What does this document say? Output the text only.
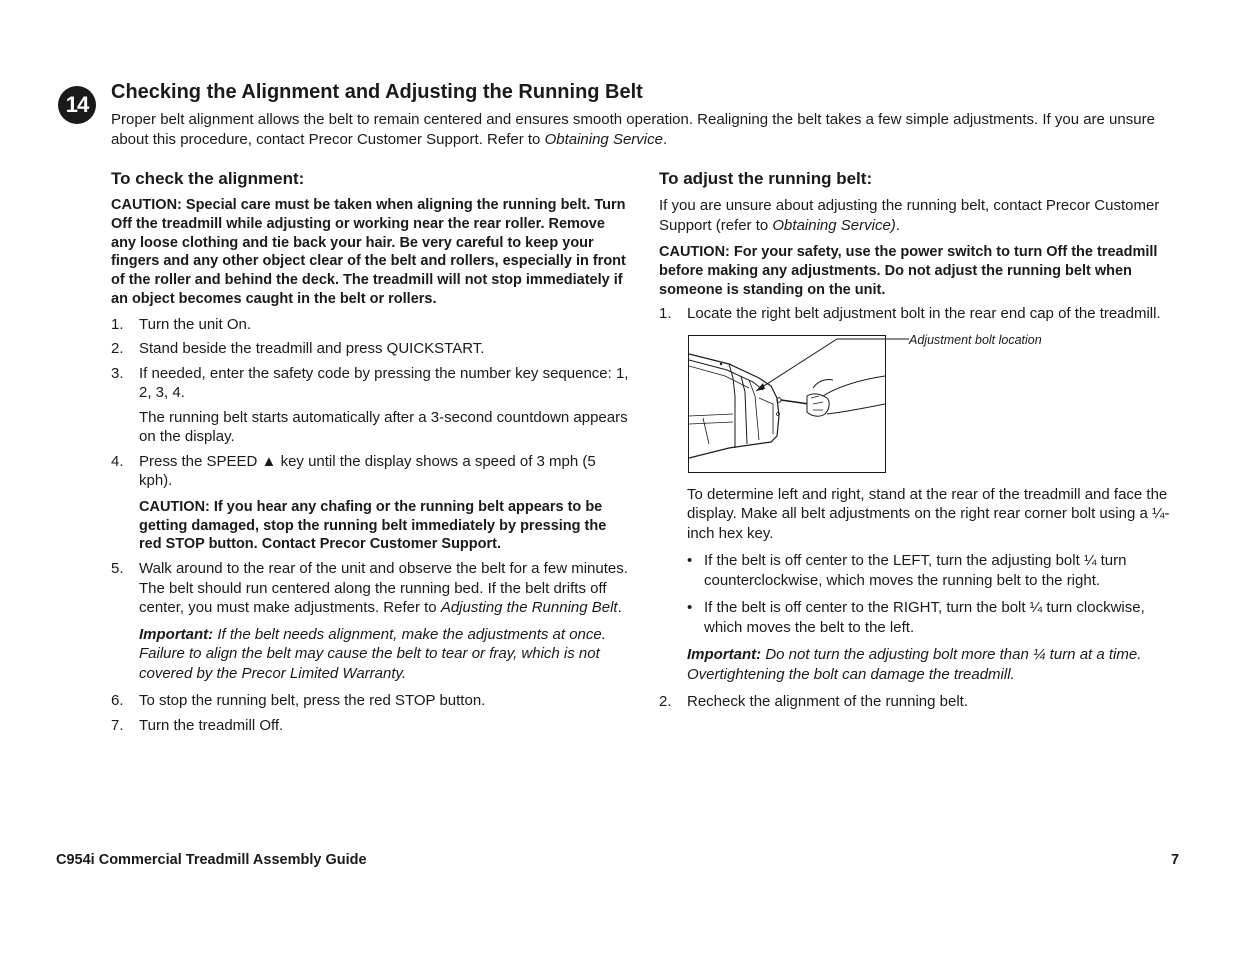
14	Checking the Alignment and Adjusting the Running Belt

Proper belt alignment allows the belt to remain centered and ensures smooth operation. Realigning the belt takes a few simple adjustments. If you are unsure about this procedure, contact Precor Customer Support. Refer to Obtaining Service.

To check the alignment:

CAUTION: Special care must be taken when aligning the running belt. Turn Off the treadmill while adjusting or working near the rear roller. Remove any loose clothing and tie back your hair. Be very careful to keep your fingers and any other object clear of the belt and rollers, especially in front of the roller and behind the deck. The treadmill will not stop immediately if an object becomes caught in the belt or rollers.

1. Turn the unit On.

2. Stand beside the treadmill and press QUICKSTART.

3. If needed, enter the safety code by pressing the number key sequence: 1, 2, 3, 4.

The running belt starts automatically after a 3-second countdown appears on the display.

4. Press the SPEED ▲ key until the display shows a speed of 3 mph (5 kph).

CAUTION: If you hear any chafing or the running belt appears to be getting damaged, stop the running belt immediately by pressing the red STOP button. Contact Precor Customer Support.

5. Walk around to the rear of the unit and observe the belt for a few minutes. The belt should run centered along the running bed. If the belt drifts off center, you must make adjustments. Refer to Adjusting the Running Belt.

Important: If the belt needs alignment, make the adjustments at once. Failure to align the belt may cause the belt to tear or fray, which is not covered by the Precor Limited Warranty.

6. To stop the running belt, press the red STOP button.

7. Turn the treadmill Off.

To adjust the running belt:

If you are unsure about adjusting the running belt, contact Precor Customer Support (refer to Obtaining Service).

CAUTION: For your safety, use the power switch to turn Off the treadmill before making any adjustments. Do not adjust the running belt when someone is standing on the unit.

1. Locate the right belt adjustment bolt in the rear end cap of the treadmill.

Adjustment bolt location

To determine left and right, stand at the rear of the treadmill and face the display. Make all belt adjustments on the right rear corner bolt using a ¼-inch hex key.

• If the belt is off center to the LEFT, turn the adjusting bolt ¼ turn counterclockwise, which moves the running belt to the right.

• If the belt is off center to the RIGHT, turn the bolt ¼ turn clockwise, which moves the belt to the left.

Important: Do not turn the adjusting bolt more than ¼ turn at a time. Overtightening the bolt can damage the treadmill.

2. Recheck the alignment of the running belt.

C954i Commercial Treadmill Assembly Guide	7
